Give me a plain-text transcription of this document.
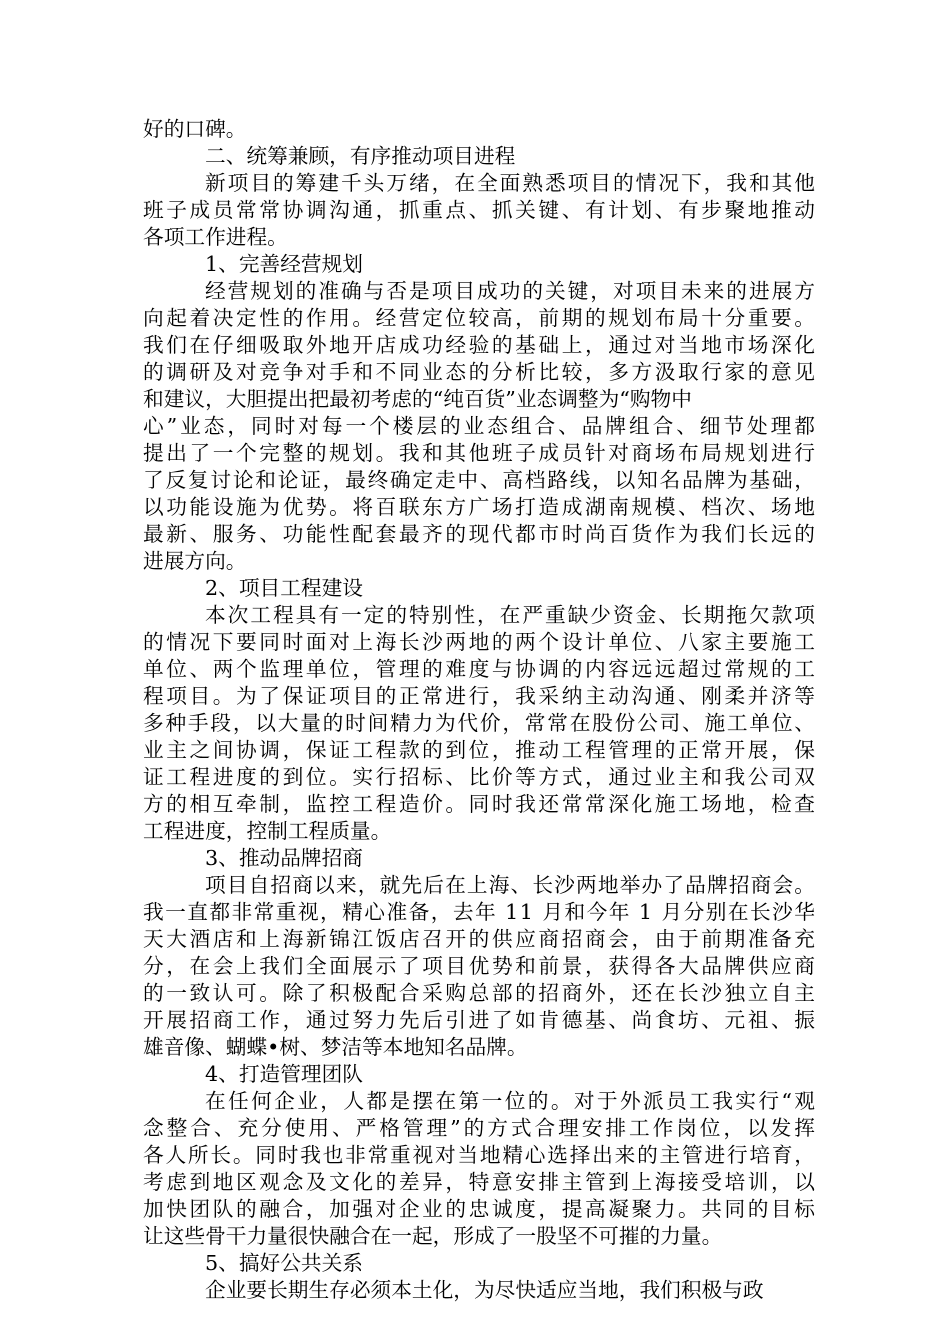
好的口碑。

二、统筹兼顾，有序推动项目进程

新项目的筹建千头万绪，在全面熟悉项目的情况下，我和其他

班子成员常常协调沟通，抓重点、抓关键、有计划、有步聚地推动

各项工作进程。

1、完善经营规划

经营规划的准确与否是项目成功的关键，对项目未来的进展方

向起着决定性的作用。经营定位较高，前期的规划布局十分重要。

我们在仔细吸取外地开店成功经验的基础上，通过对当地市场深化

的调研及对竞争对手和不同业态的分析比较，多方汲取行家的意见

和建议，大胆提出把最初考虑的“纯百货”业态调整为“购物中

心”业态，同时对每一个楼层的业态组合、品牌组合、细节处理都

提出了一个完整的规划。我和其他班子成员针对商场布局规划进行

了反复讨论和论证，最终确定走中、高档路线，以知名品牌为基础，

以功能设施为优势。将百联东方广场打造成湖南规模、档次、场地

最新、服务、功能性配套最齐的现代都市时尚百货作为我们长远的

进展方向。

2、项目工程建设

本次工程具有一定的特别性，在严重缺少资金、长期拖欠款项

的情况下要同时面对上海长沙两地的两个设计单位、八家主要施工

单位、两个监理单位，管理的难度与协调的内容远远超过常规的工

程项目。为了保证项目的正常进行，我采纳主动沟通、刚柔并济等

多种手段，以大量的时间精力为代价，常常在股份公司、施工单位、

业主之间协调，保证工程款的到位，推动工程管理的正常开展，保

证工程进度的到位。实行招标、比价等方式，通过业主和我公司双

方的相互牵制，监控工程造价。同时我还常常深化施工场地，检查

工程进度，控制工程质量。

3、推动品牌招商

项目自招商以来，就先后在上海、长沙两地举办了品牌招商会。

我一直都非常重视，精心准备，去年 11 月和今年 1 月分别在长沙华

天大酒店和上海新锦江饭店召开的供应商招商会，由于前期准备充

分，在会上我们全面展示了项目优势和前景，获得各大品牌供应商

的一致认可。除了积极配合采购总部的招商外，还在长沙独立自主

开展招商工作，通过努力先后引进了如肯德基、尚食坊、元祖、振

雄音像、蝴蝶•树、梦洁等本地知名品牌。

4、打造管理团队

在任何企业，人都是摆在第一位的。对于外派员工我实行“观

念整合、充分使用、严格管理”的方式合理安排工作岗位，以发挥

各人所长。同时我也非常重视对当地精心选择出来的主管进行培育，

考虑到地区观念及文化的差异，特意安排主管到上海接受培训，以

加快团队的融合，加强对企业的忠诚度，提高凝聚力。共同的目标

让这些骨干力量很快融合在一起，形成了一股坚不可摧的力量。

5、搞好公共关系

企业要长期生存必须本土化，为尽快适应当地，我们积极与政
